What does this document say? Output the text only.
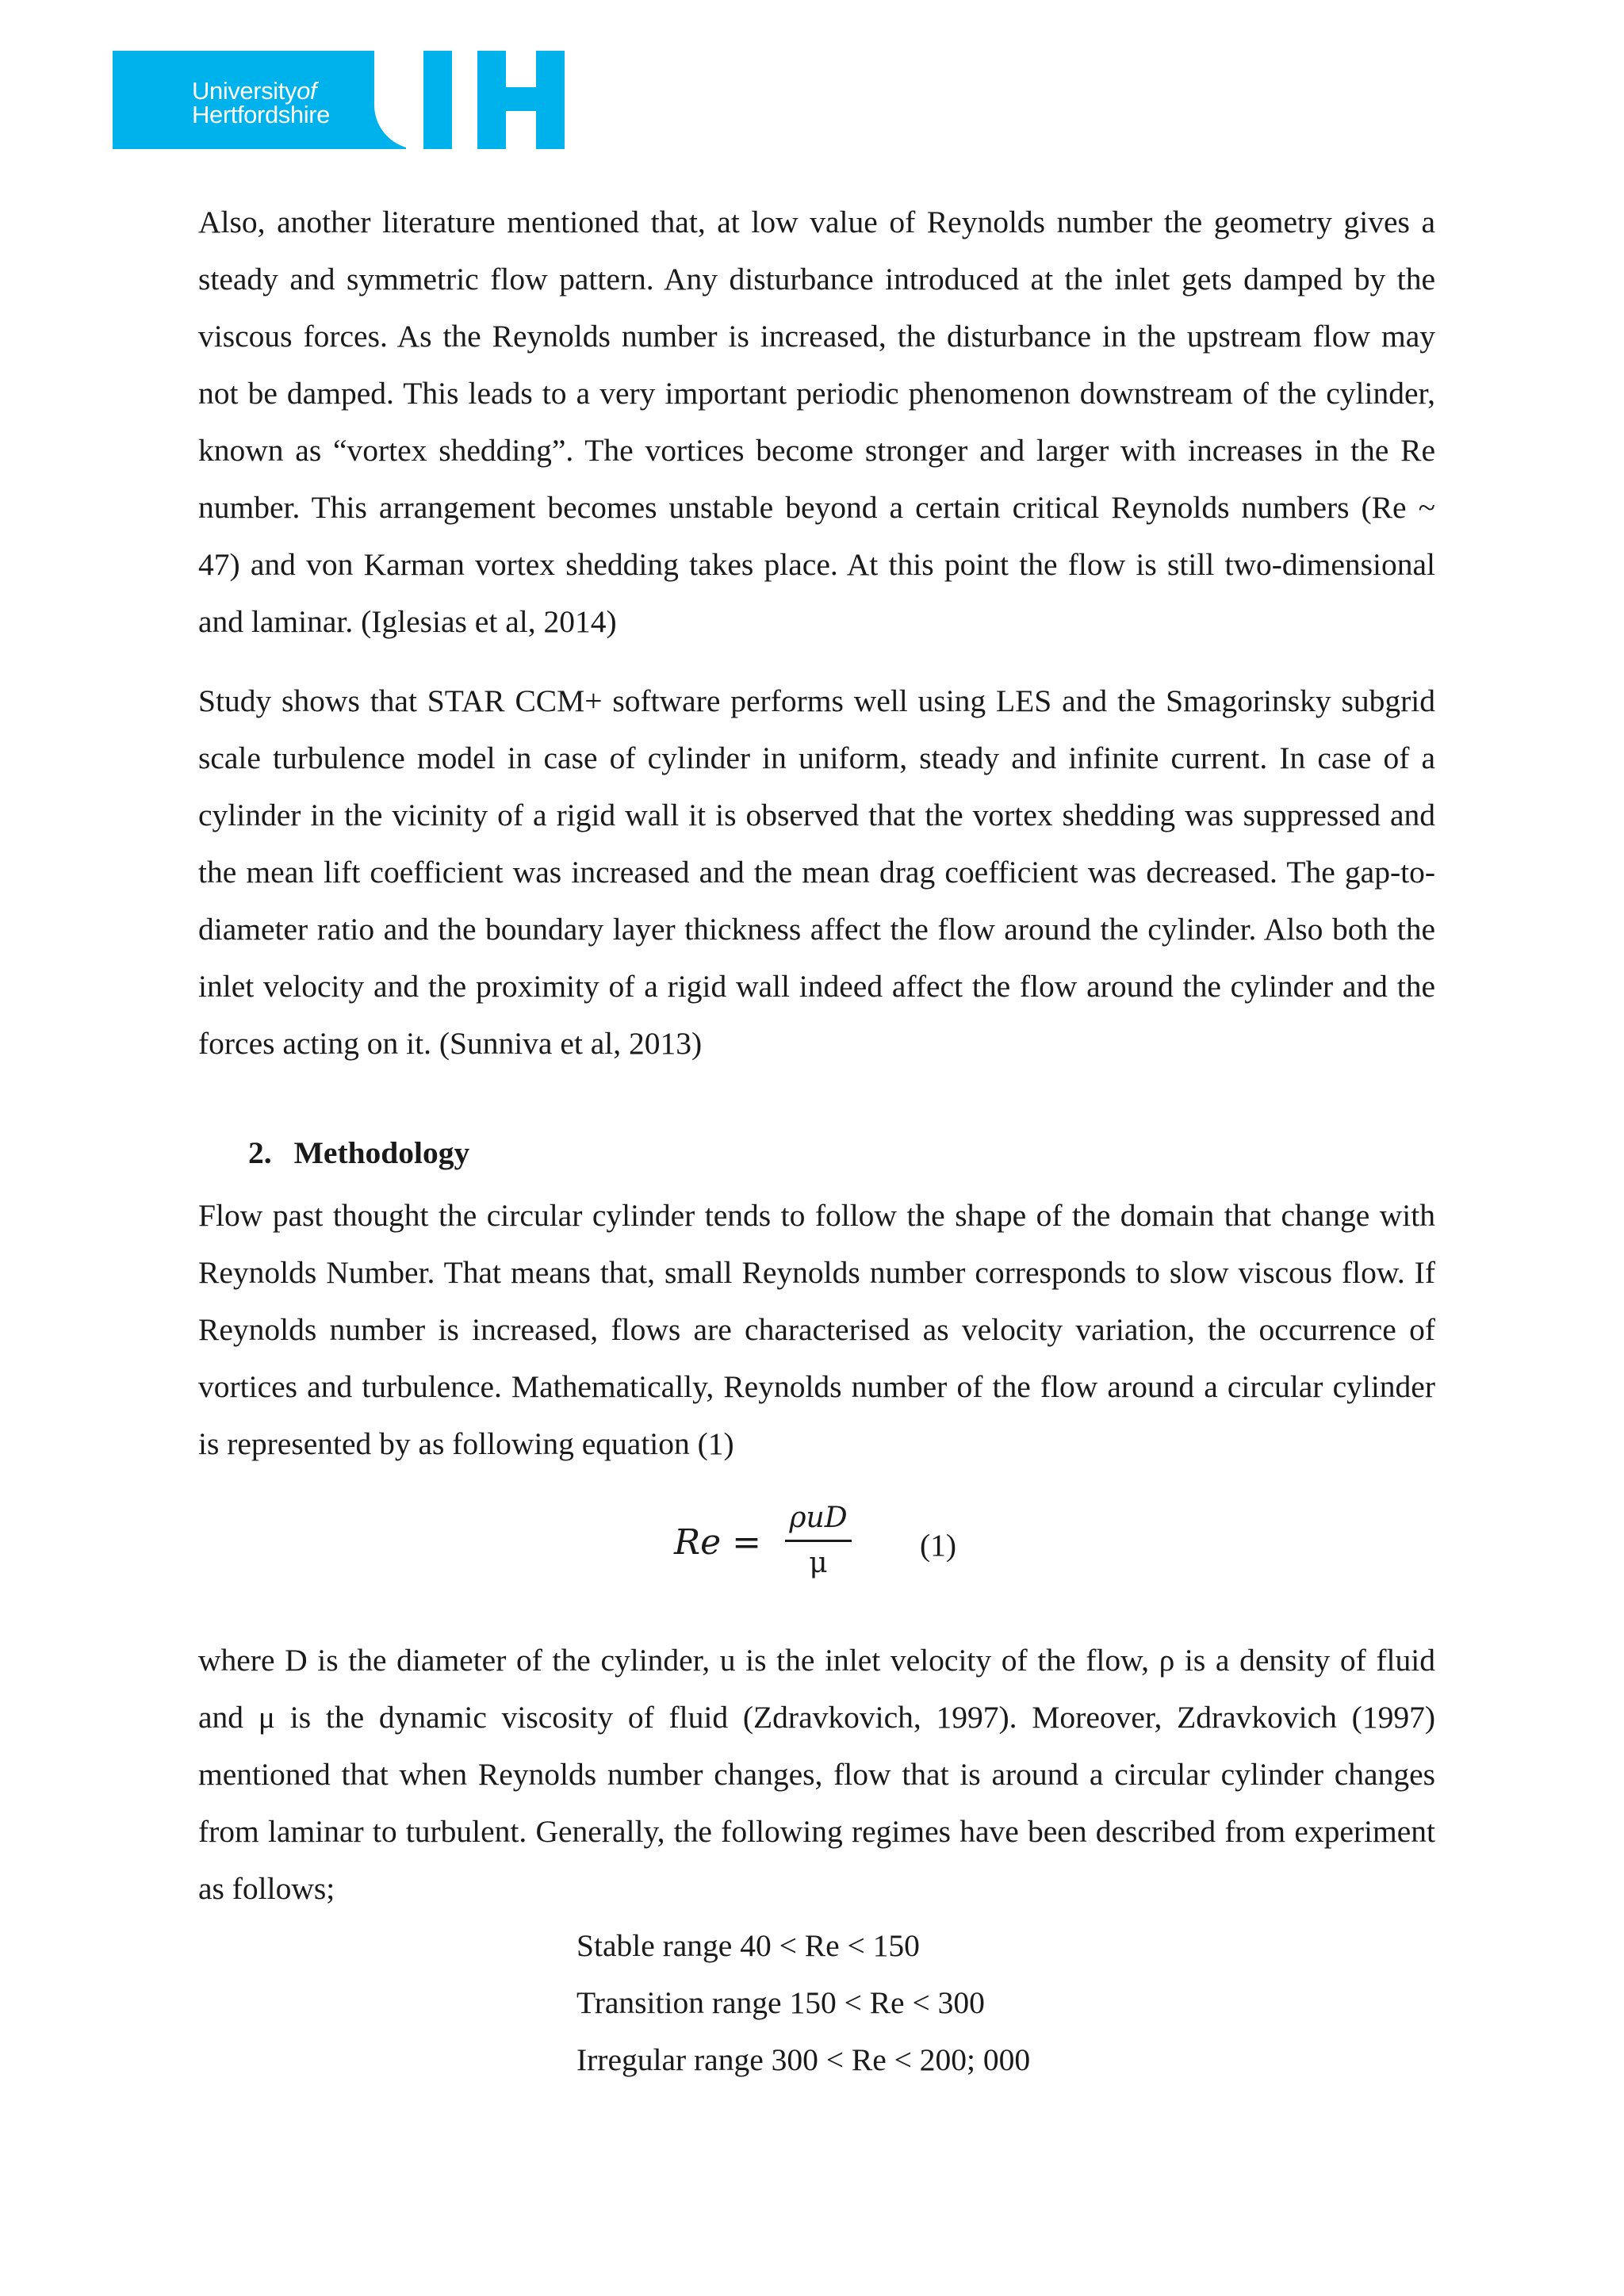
Universityof
Hertfordshire

Also, another literature mentioned that, at low value of Reynolds number the geometry gives a steady and symmetric flow pattern. Any disturbance introduced at the inlet gets damped by the viscous forces. As the Reynolds number is increased, the disturbance in the upstream flow may not be damped. This leads to a very important periodic phenomenon downstream of the cylinder, known as “vortex shedding”. The vortices become stronger and larger with increases in the Re number. This arrangement becomes unstable beyond a certain critical Reynolds numbers (Re ~ 47) and von Karman vortex shedding takes place. At this point the flow is still two-dimensional and laminar. (Iglesias et al, 2014)

Study shows that STAR CCM+ software performs well using LES and the Smagorinsky subgrid scale turbulence model in case of cylinder in uniform, steady and infinite current. In case of a cylinder in the vicinity of a rigid wall it is observed that the vortex shedding was suppressed and the mean lift coefficient was increased and the mean drag coefficient was decreased. The gap-to-diameter ratio and the boundary layer thickness affect the flow around the cylinder. Also both the inlet velocity and the proximity of a rigid wall indeed affect the flow around the cylinder and the forces acting on it. (Sunniva et al, 2013)

2. Methodology

Flow past thought the circular cylinder tends to follow the shape of the domain that change with Reynolds Number. That means that, small Reynolds number corresponds to slow viscous flow. If Reynolds number is increased, flows are characterised as velocity variation, the occurrence of vortices and turbulence. Mathematically, Reynolds number of the flow around a circular cylinder is represented by as following equation (1)

Re =
ρuD
μ
(1)

where D is the diameter of the cylinder, u is the inlet velocity of the flow, ρ is a density of fluid and μ is the dynamic viscosity of fluid (Zdravkovich, 1997). Moreover, Zdravkovich (1997) mentioned that when Reynolds number changes, flow that is around a circular cylinder changes from laminar to turbulent. Generally, the following regimes have been described from experiment as follows;

Stable range 40 < Re < 150
Transition range 150 < Re < 300
Irregular range 300 < Re < 200; 000
